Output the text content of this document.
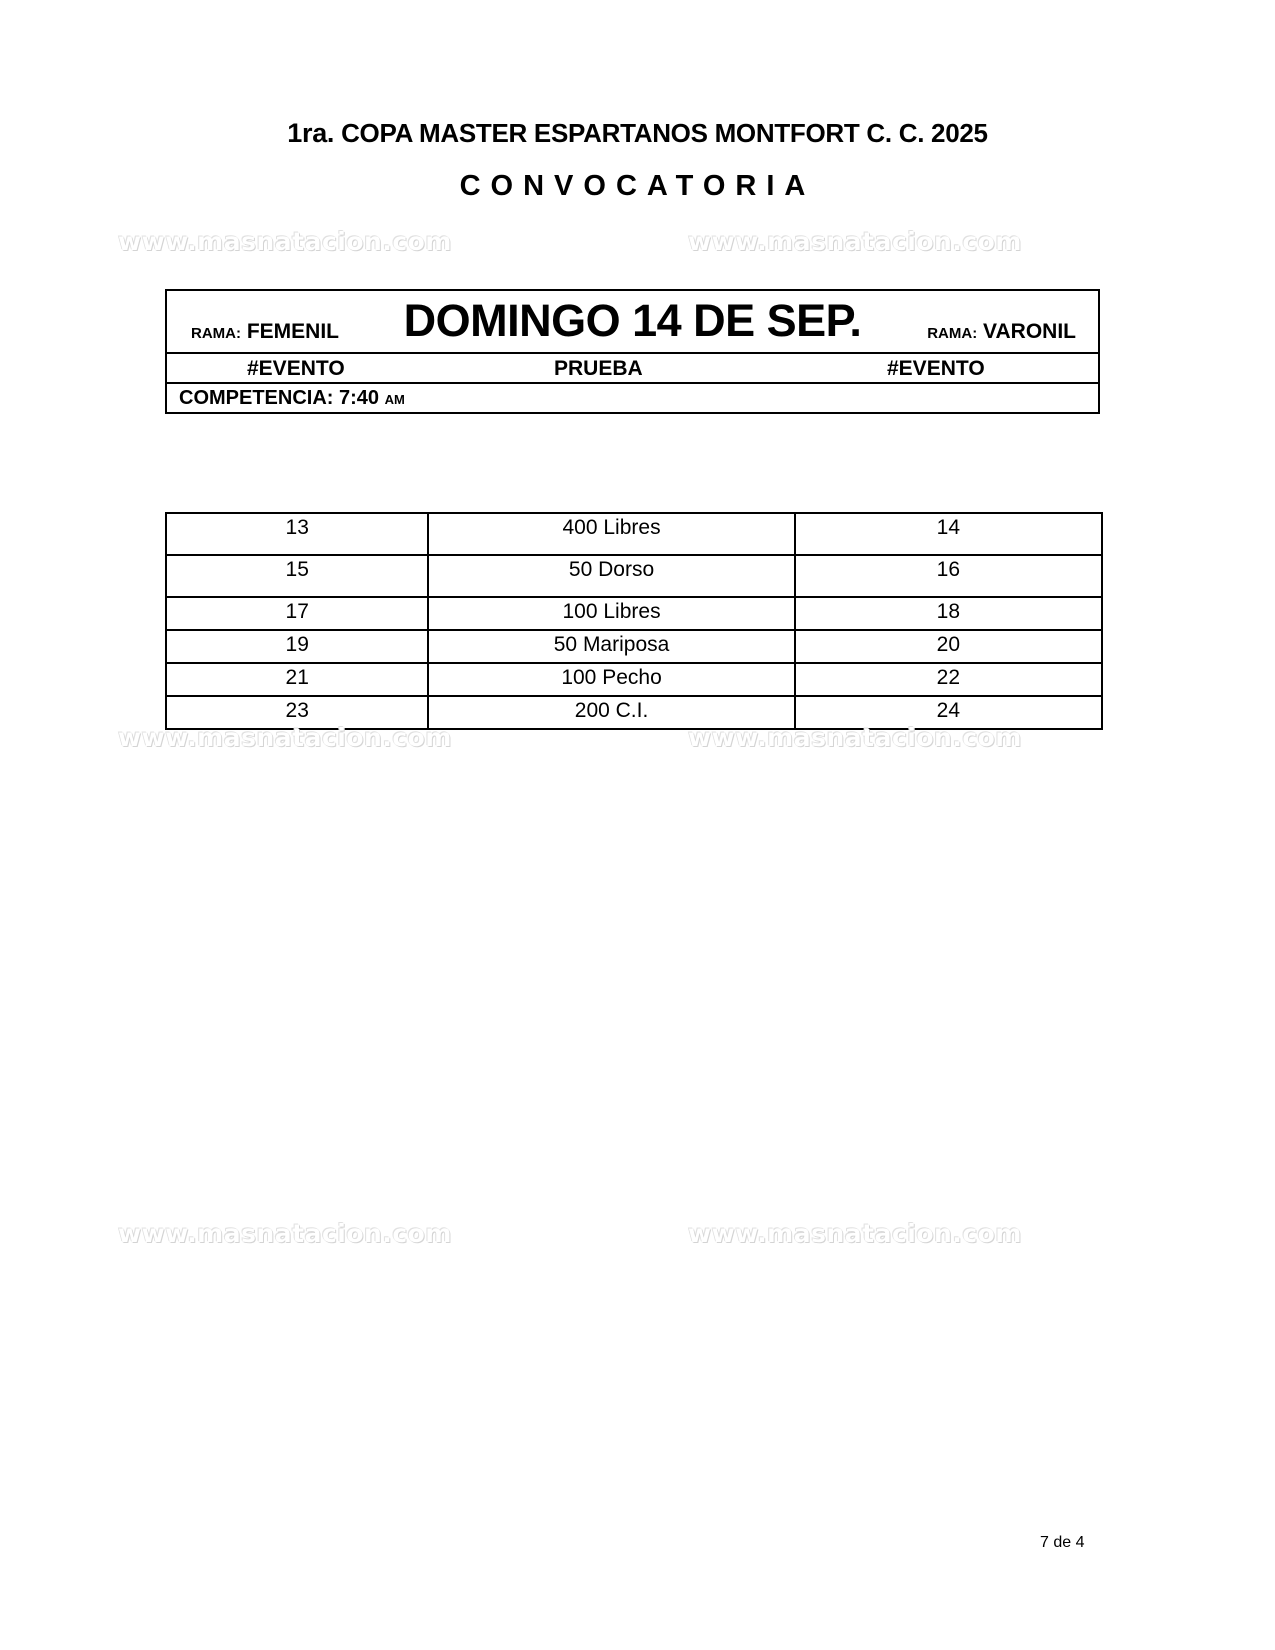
1ra. COPA MASTER ESPARTANOS MONTFORT C. C. 2025
CONVOCATORIA
www.masnatacion.com	www.masnatacion.com
RAMA: FEMENIL	DOMINGO 14 DE SEP.	RAMA: VARONIL

#EVENTO	PRUEBA	#EVENTO

COMPETENCIA: 7:40 AM
13	400 Libres	14
15	50 Dorso	16
17	100 Libres	18
19	50 Mariposa	20
21	100 Pecho	22
23	200 C.I.	24
www.masnatacion.com	www.masnatacion.com
www.masnatacion.com	www.masnatacion.com
7 de 4
